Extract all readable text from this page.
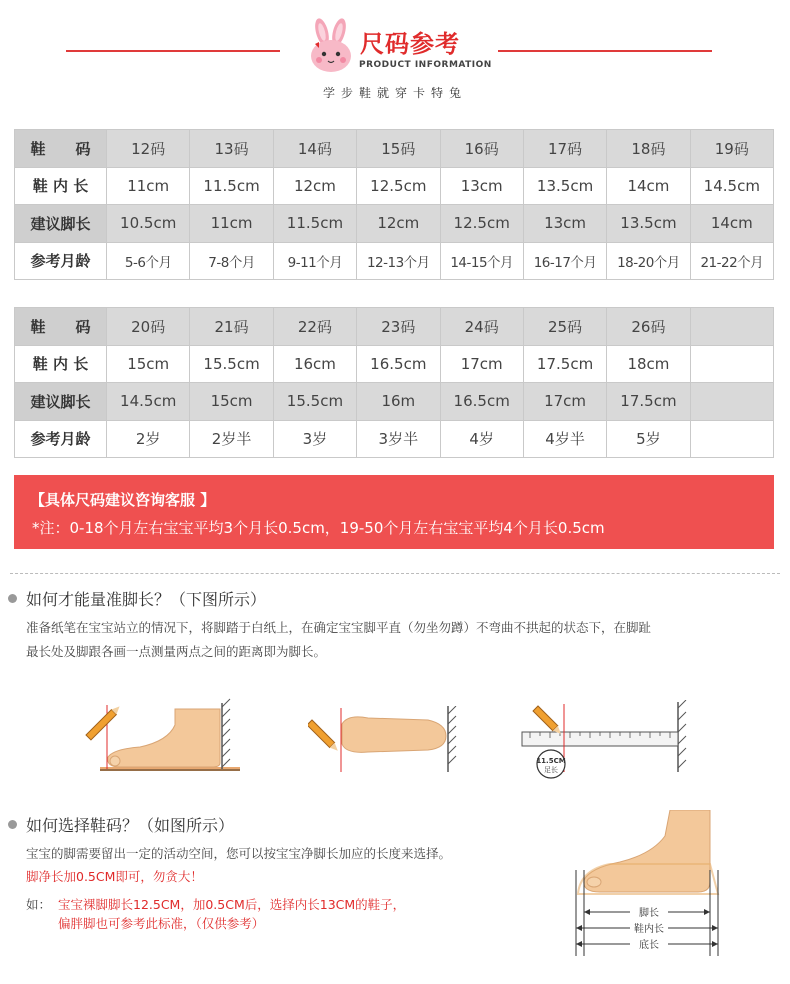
尺码参考
PRODUCT INFORMATION
学步鞋就穿卡特兔
鞋　　码	12码	13码	14码	15码	16码	17码	18码	19码
鞋 内 长	11cm	11.5cm	12cm	12.5cm	13cm	13.5cm	14cm	14.5cm
建议脚长	10.5cm	11cm	11.5cm	12cm	12.5cm	13cm	13.5cm	14cm
参考月龄	5-6个月	7-8个月	9-11个月	12-13个月	14-15个月	16-17个月	18-20个月	21-22个月
鞋　　码	20码	21码	22码	23码	24码	25码	26码	
鞋 内 长	15cm	15.5cm	16cm	16.5cm	17cm	17.5cm	18cm	
建议脚长	14.5cm	15cm	15.5cm	16m	16.5cm	17cm	17.5cm	
参考月龄	2岁	2岁半	3岁	3岁半	4岁	4岁半	5岁	
【具体尺码建议咨询客服 】
*注：0-18个月左右宝宝平均3个月长0.5cm，19-50个月左右宝宝平均4个月长0.5cm
如何才能量准脚长？（下图所示）
准备纸笔在宝宝站立的情况下，将脚踏于白纸上，在确定宝宝脚平直（勿坐勿蹲）不弯曲不拱起的状态下，在脚趾
最长处及脚跟各画一点测量两点之间的距离即为脚长。
11.5CM
足长
如何选择鞋码？（如图所示）
宝宝的脚需要留出一定的活动空间，您可以按宝宝净脚长加应的长度来选择。
脚净长加0.5CM即可，勿贪大！
如： 宝宝裸脚脚长12.5CM，加0.5CM后，选择内长13CM的鞋子，
偏胖脚也可参考此标准，（仅供参考）
脚长
鞋内长
底长
